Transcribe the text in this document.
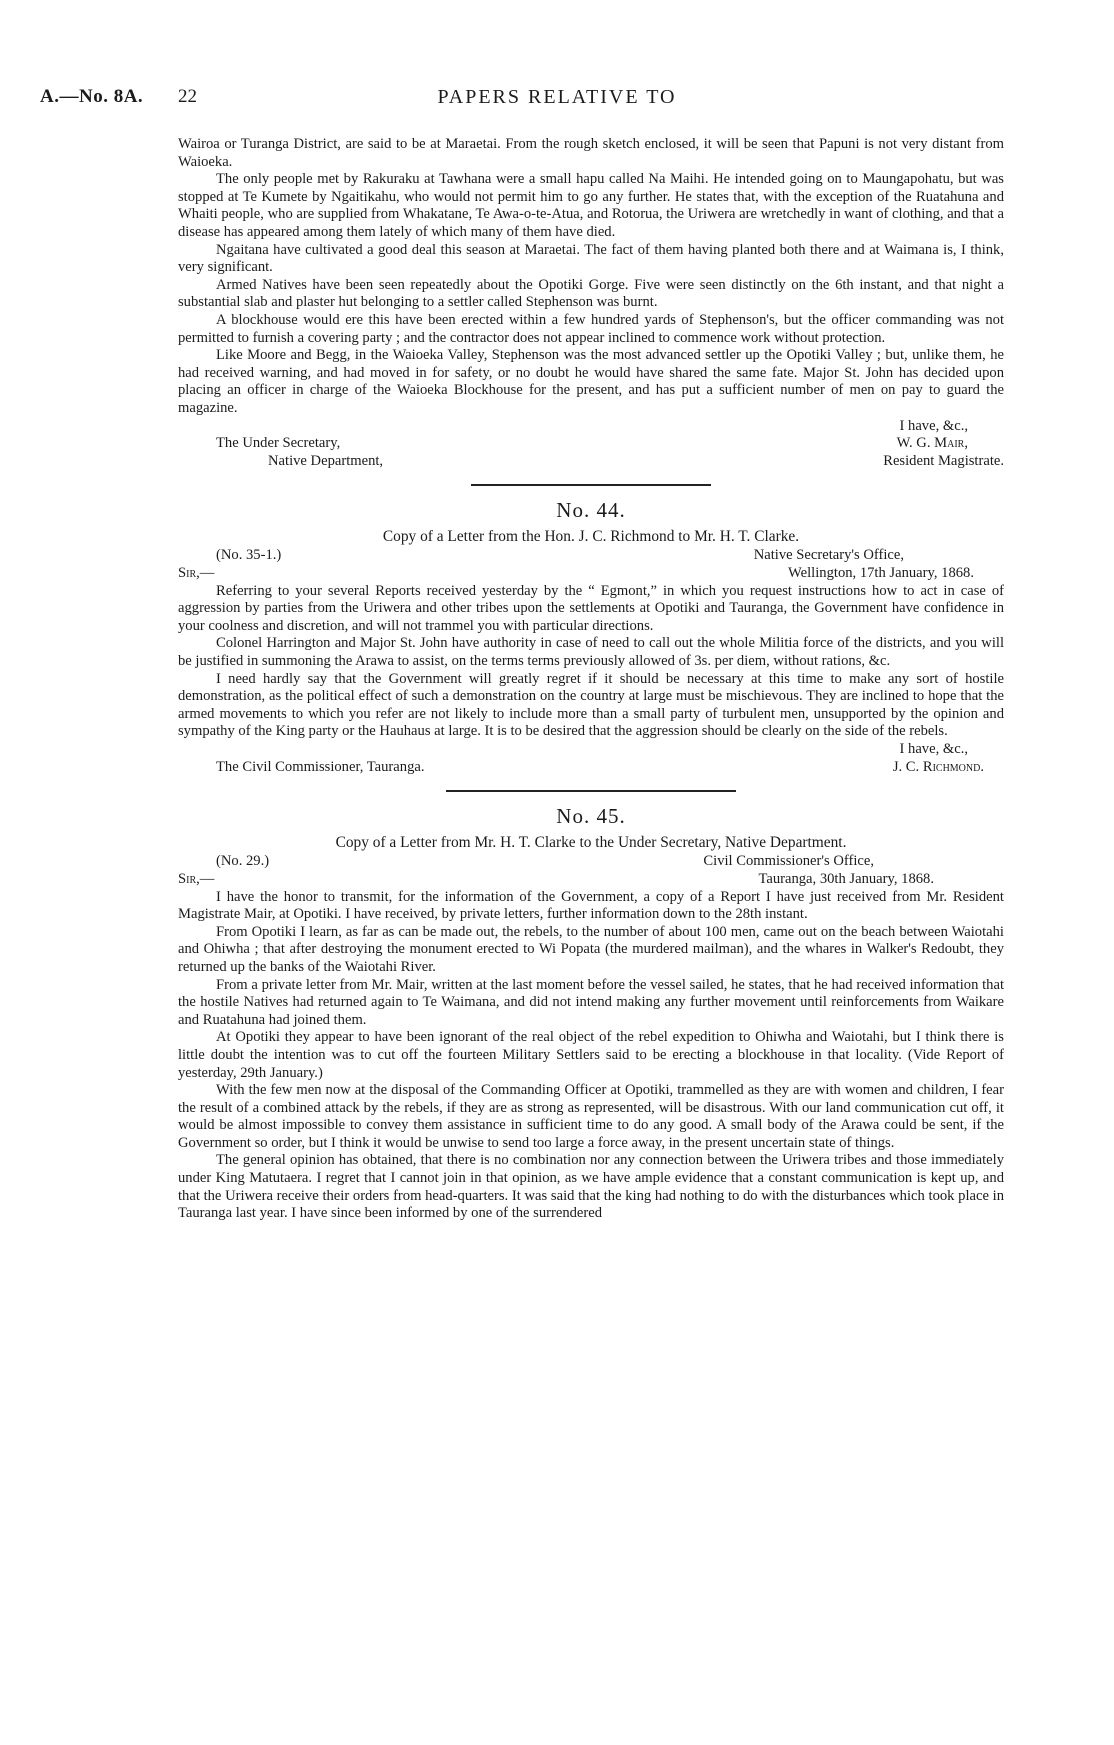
A.—No. 8A. 22	PAPERS RELATIVE TO

Wairoa or Turanga District, are said to be at Maraetai. From the rough sketch enclosed, it will be seen that Papuni is not very distant from Waioeka.

The only people met by Rakuraku at Tawhana were a small hapu called Na Maihi. He intended going on to Maungapohatu, but was stopped at Te Kumete by Ngaitikahu, who would not permit him to go any further. He states that, with the exception of the Ruatahuna and Whaiti people, who are supplied from Whakatane, Te Awa-o-te-Atua, and Rotorua, the Uriwera are wretchedly in want of clothing, and that a disease has appeared among them lately of which many of them have died.

Ngaitana have cultivated a good deal this season at Maraetai. The fact of them having planted both there and at Waimana is, I think, very significant.

Armed Natives have been seen repeatedly about the Opotiki Gorge. Five were seen distinctly on the 6th instant, and that night a substantial slab and plaster hut belonging to a settler called Stephenson was burnt.

A blockhouse would ere this have been erected within a few hundred yards of Stephenson's, but the officer commanding was not permitted to furnish a covering party ; and the contractor does not appear inclined to commence work without protection.

Like Moore and Begg, in the Waioeka Valley, Stephenson was the most advanced settler up the Opotiki Valley ; but, unlike them, he had received warning, and had moved in for safety, or no doubt he would have shared the same fate. Major St. John has decided upon placing an officer in charge of the Waioeka Blockhouse for the present, and has put a sufficient number of men on pay to guard the magazine.

I have, &c.,
The Under Secretary,	W. G. Mair,
Native Department,	Resident Magistrate.
No. 44.
Copy of a Letter from the Hon. J. C. Richmond to Mr. H. T. Clarke.
(No. 35-1.)	Native Secretary's Office,
Sir,—	Wellington, 17th January, 1868.

Referring to your several Reports received yesterday by the “ Egmont,” in which you request instructions how to act in case of aggression by parties from the Uriwera and other tribes upon the settlements at Opotiki and Tauranga, the Government have confidence in your coolness and discretion, and will not trammel you with particular directions.

Colonel Harrington and Major St. John have authority in case of need to call out the whole Militia force of the districts, and you will be justified in summoning the Arawa to assist, on the terms terms previously allowed of 3s. per diem, without rations, &c.

I need hardly say that the Government will greatly regret if it should be necessary at this time to make any sort of hostile demonstration, as the political effect of such a demonstration on the country at large must be mischievous. They are inclined to hope that the armed movements to which you refer are not likely to include more than a small party of turbulent men, unsupported by the opinion and sympathy of the King party or the Hauhaus at large. It is to be desired that the aggression should be clearly on the side of the rebels.

I have, &c.,
The Civil Commissioner, Tauranga.	J. C. Richmond.
No. 45.
Copy of a Letter from Mr. H. T. Clarke to the Under Secretary, Native Department.
(No. 29.)	Civil Commissioner's Office,
Sir,—	Tauranga, 30th January, 1868.

I have the honor to transmit, for the information of the Government, a copy of a Report I have just received from Mr. Resident Magistrate Mair, at Opotiki. I have received, by private letters, further information down to the 28th instant.

From Opotiki I learn, as far as can be made out, the rebels, to the number of about 100 men, came out on the beach between Waiotahi and Ohiwha ; that after destroying the monument erected to Wi Popata (the murdered mailman), and the whares in Walker's Redoubt, they returned up the banks of the Waiotahi River.

From a private letter from Mr. Mair, written at the last moment before the vessel sailed, he states, that he had received information that the hostile Natives had returned again to Te Waimana, and did not intend making any further movement until reinforcements from Waikare and Ruatahuna had joined them.

At Opotiki they appear to have been ignorant of the real object of the rebel expedition to Ohiwha and Waiotahi, but I think there is little doubt the intention was to cut off the fourteen Military Settlers said to be erecting a blockhouse in that locality. (Vide Report of yesterday, 29th January.)

With the few men now at the disposal of the Commanding Officer at Opotiki, trammelled as they are with women and children, I fear the result of a combined attack by the rebels, if they are as strong as represented, will be disastrous. With our land communication cut off, it would be almost impossible to convey them assistance in sufficient time to do any good. A small body of the Arawa could be sent, if the Government so order, but I think it would be unwise to send too large a force away, in the present uncertain state of things.

The general opinion has obtained, that there is no combination nor any connection between the Uriwera tribes and those immediately under King Matutaera. I regret that I cannot join in that opinion, as we have ample evidence that a constant communication is kept up, and that the Uriwera receive their orders from head-quarters. It was said that the king had nothing to do with the disturbances which took place in Tauranga last year. I have since been informed by one of the surrendered
